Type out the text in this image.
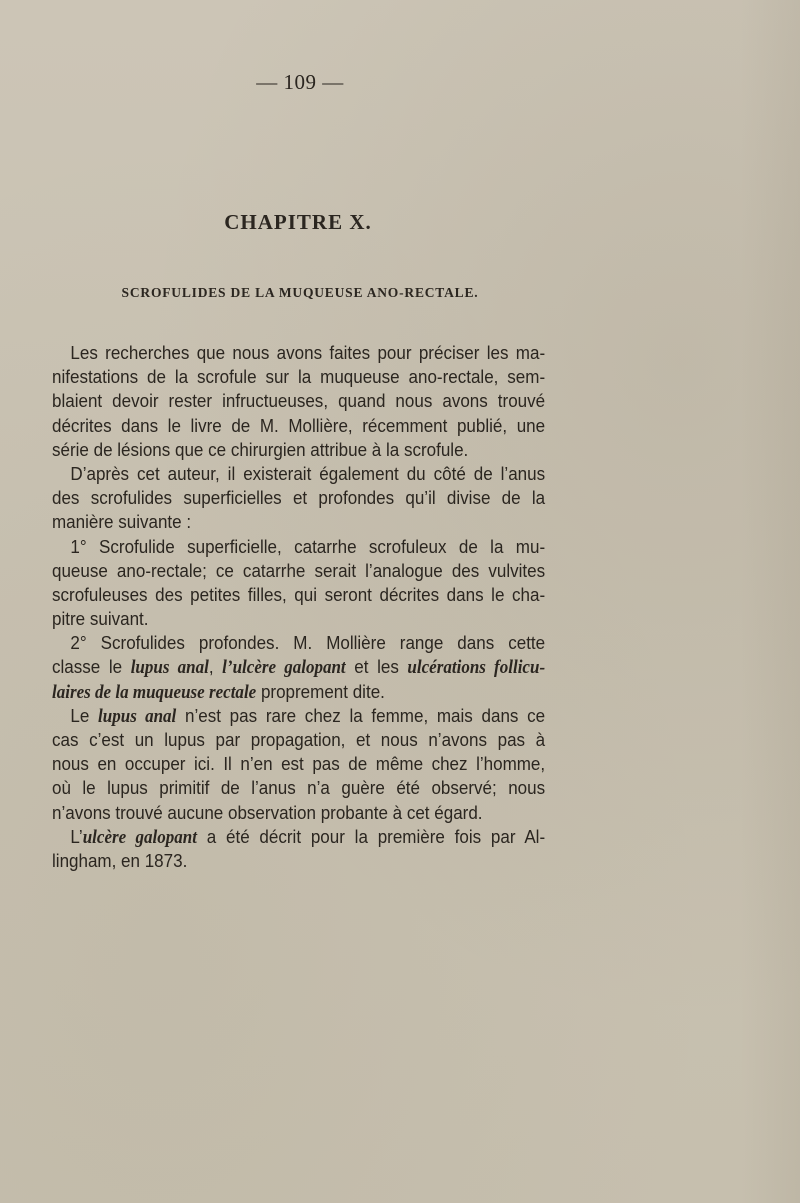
— 109 —
CHAPITRE X.
SCROFULIDES DE LA MUQUEUSE ANO-RECTALE.
Les recherches que nous avons faites pour préciser les ma-
nifestations de la scrofule sur la muqueuse ano-rectale, sem-
blaient devoir rester infructueuses, quand nous avons trouvé
décrites dans le livre de M. Mollière, récemment publié, une
série de lésions que ce chirurgien attribue à la scrofule.
D’après cet auteur, il existerait également du côté de l’anus
des scrofulides superficielles et profondes qu’il divise de la
manière suivante :
1° Scrofulide superficielle, catarrhe scrofuleux de la mu-
queuse ano-rectale; ce catarrhe serait l’analogue des vulvites
scrofuleuses des petites filles, qui seront décrites dans le cha-
pitre suivant.
2° Scrofulides profondes. M. Mollière range dans cette
classe le lupus anal, l’ulcère galopant et les ulcérations follicu-
laires de la muqueuse rectale proprement dite.
Le lupus anal n’est pas rare chez la femme, mais dans ce
cas c’est un lupus par propagation, et nous n’avons pas à
nous en occuper ici. Il n’en est pas de même chez l’homme,
où le lupus primitif de l’anus n’a guère été observé; nous
n’avons trouvé aucune observation probante à cet égard.
L’ulcère galopant a été décrit pour la première fois par Al-
lingham, en 1873.
